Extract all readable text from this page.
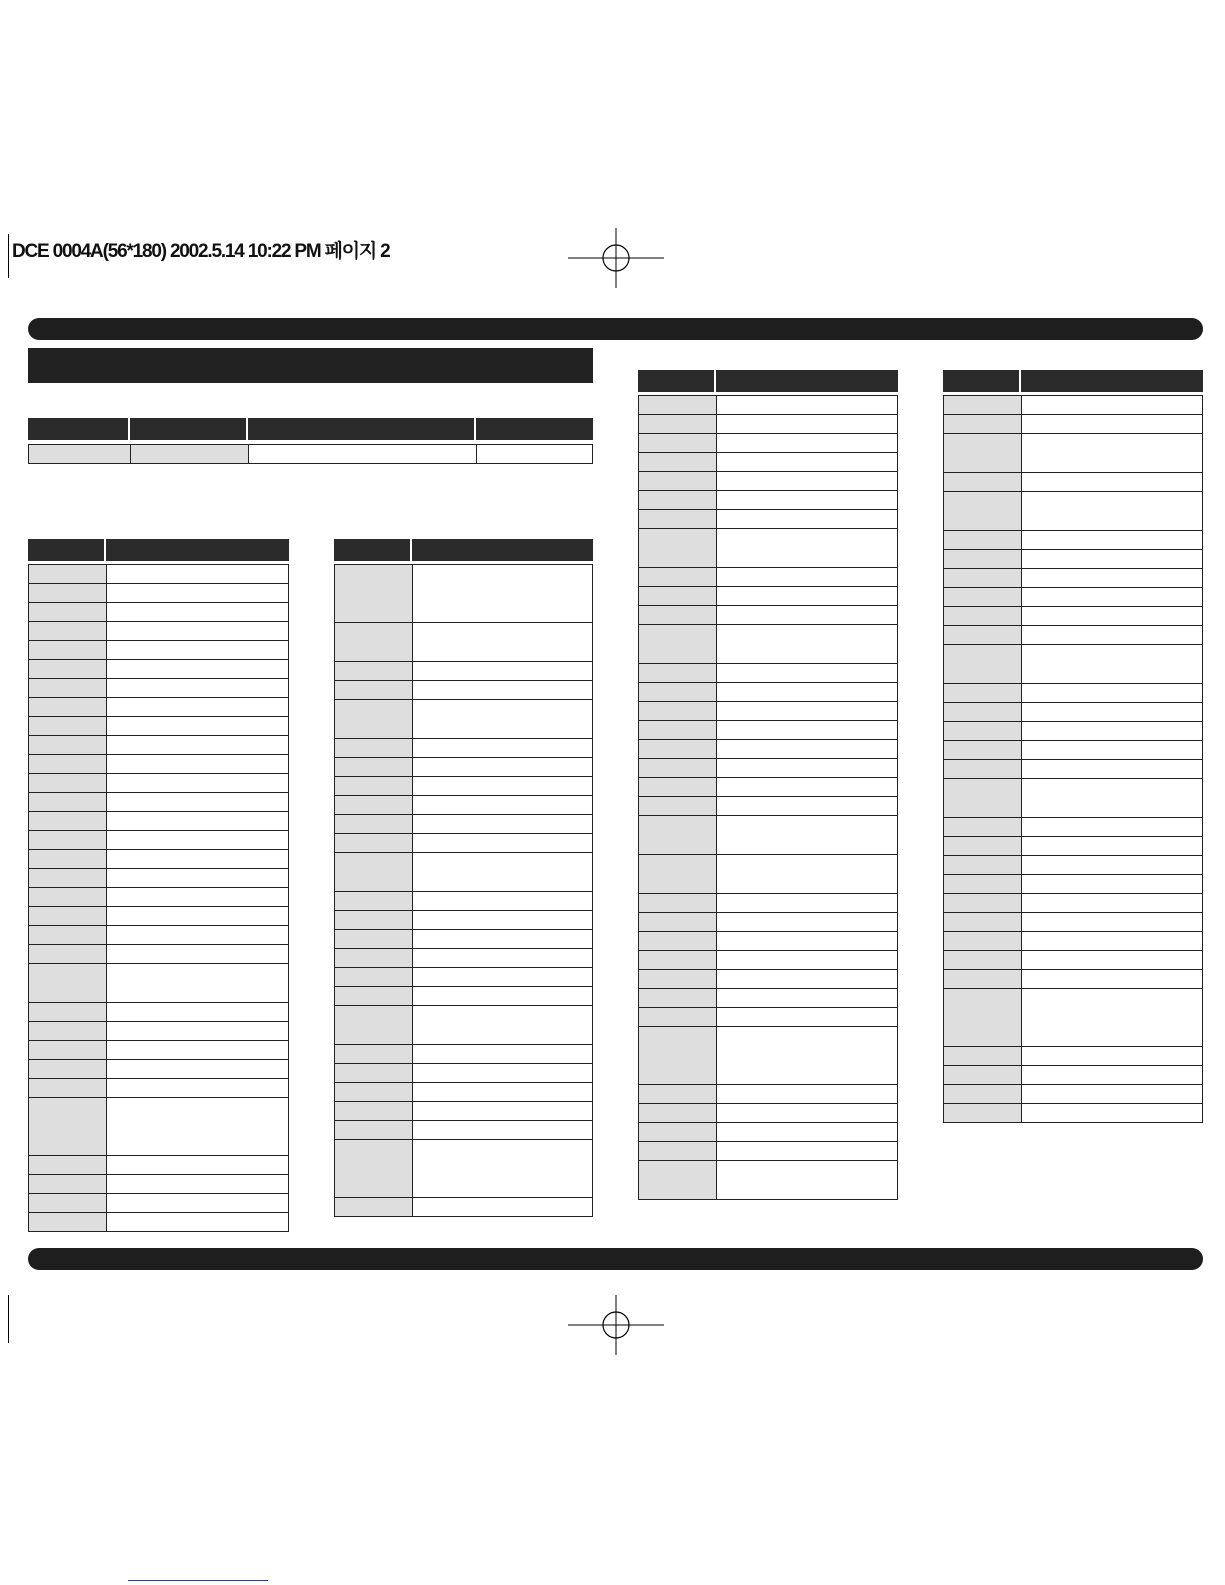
DCE 0004A(56*180) 2002.5.14 10:22 PM 페이지 2
